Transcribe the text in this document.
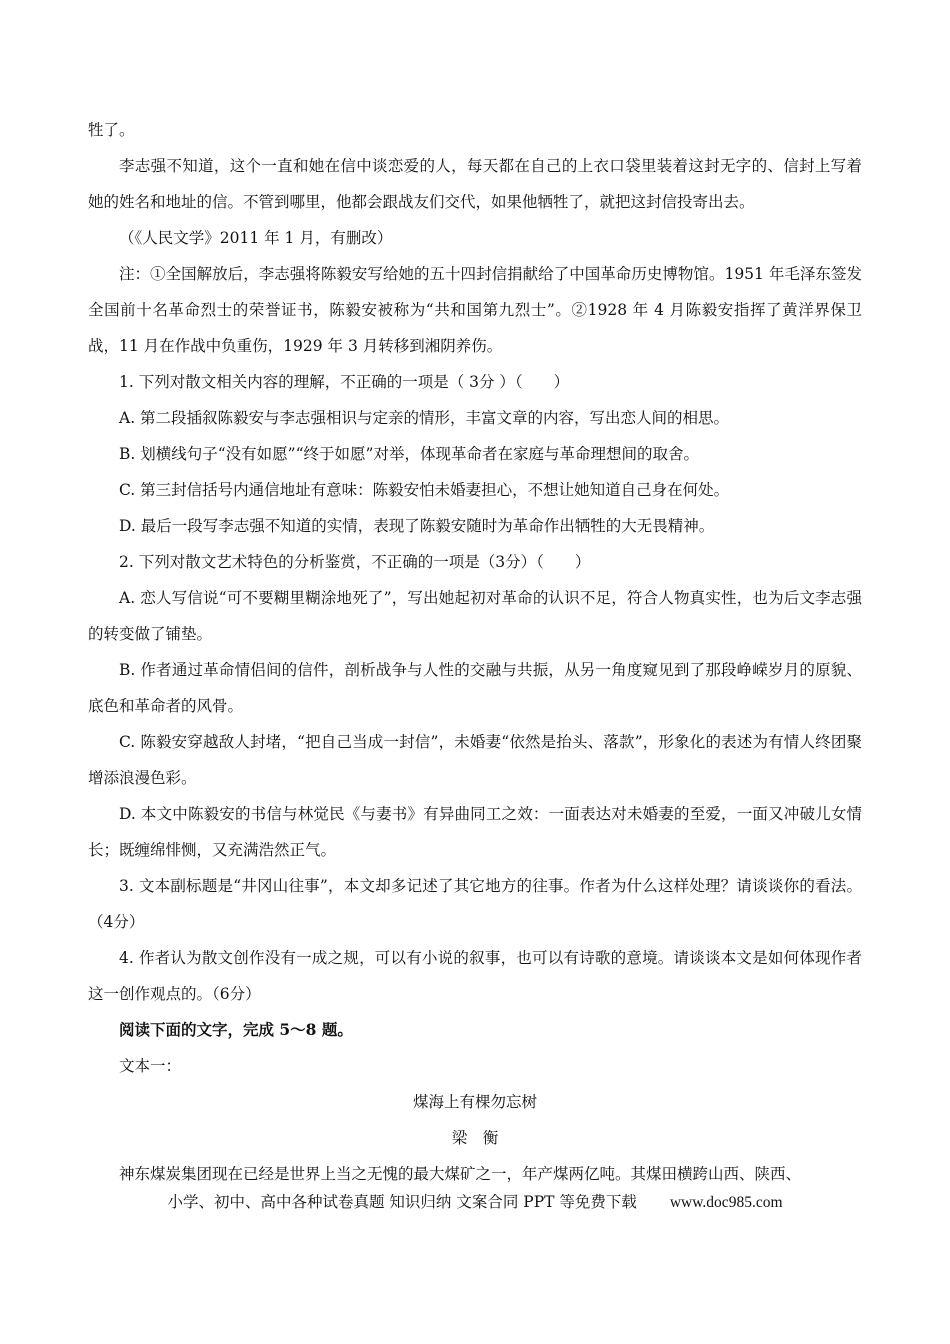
牲了。

李志强不知道，这个一直和她在信中谈恋爱的人，每天都在自己的上衣口袋里装着这封无字的、信封上写着她的姓名和地址的信。不管到哪里，他都会跟战友们交代，如果他牺牲了，就把这封信投寄出去。

（《人民文学》2011 年 1 月，有删改）

注：①全国解放后，李志强将陈毅安写给她的五十四封信捐献给了中国革命历史博物馆。1951 年毛泽东签发全国前十名革命烈士的荣誉证书，陈毅安被称为“共和国第九烈士”。②1928 年 4 月陈毅安指挥了黄洋界保卫战，11 月在作战中负重伤，1929 年 3 月转移到湘阴养伤。

1. 下列对散文相关内容的理解，不正确的一项是（ 3分 ）（　　）

A. 第二段插叙陈毅安与李志强相识与定亲的情形，丰富文章的内容，写出恋人间的相思。

B. 划横线句子“没有如愿”“终于如愿”对举，体现革命者在家庭与革命理想间的取舍。

C. 第三封信括号内通信地址有意味：陈毅安怕未婚妻担心，不想让她知道自己身在何处。

D. 最后一段写李志强不知道的实情，表现了陈毅安随时为革命作出牺牲的大无畏精神。

2. 下列对散文艺术特色的分析鉴赏，不正确的一项是（3分）（　　）

A. 恋人写信说“可不要糊里糊涂地死了”，写出她起初对革命的认识不足，符合人物真实性，也为后文李志强的转变做了铺垫。

B. 作者通过革命情侣间的信件，剖析战争与人性的交融与共振，从另一角度窥见到了那段峥嵘岁月的原貌、底色和革命者的风骨。

C. 陈毅安穿越敌人封堵，“把自己当成一封信”，未婚妻“依然是抬头、落款”，形象化的表述为有情人终团聚增添浪漫色彩。

D. 本文中陈毅安的书信与林觉民《与妻书》有异曲同工之效：一面表达对未婚妻的至爱，一面又冲破儿女情长；既缠绵悱恻，又充满浩然正气。

3. 文本副标题是“井冈山往事”，本文却多记述了其它地方的往事。作者为什么这样处理？请谈谈你的看法。（4分）

4. 作者认为散文创作没有一成之规，可以有小说的叙事，也可以有诗歌的意境。请谈谈本文是如何体现作者这一创作观点的。（6分）

阅读下面的文字，完成 5～8 题。

文本一：

煤海上有棵勿忘树

梁　衡

神东煤炭集团现在已经是世界上当之无愧的最大煤矿之一，年产煤两亿吨。其煤田横跨山西、陕西、

小学、初中、高中各种试卷真题 知识归纳 文案合同 PPT 等免费下载 www.doc985.com
